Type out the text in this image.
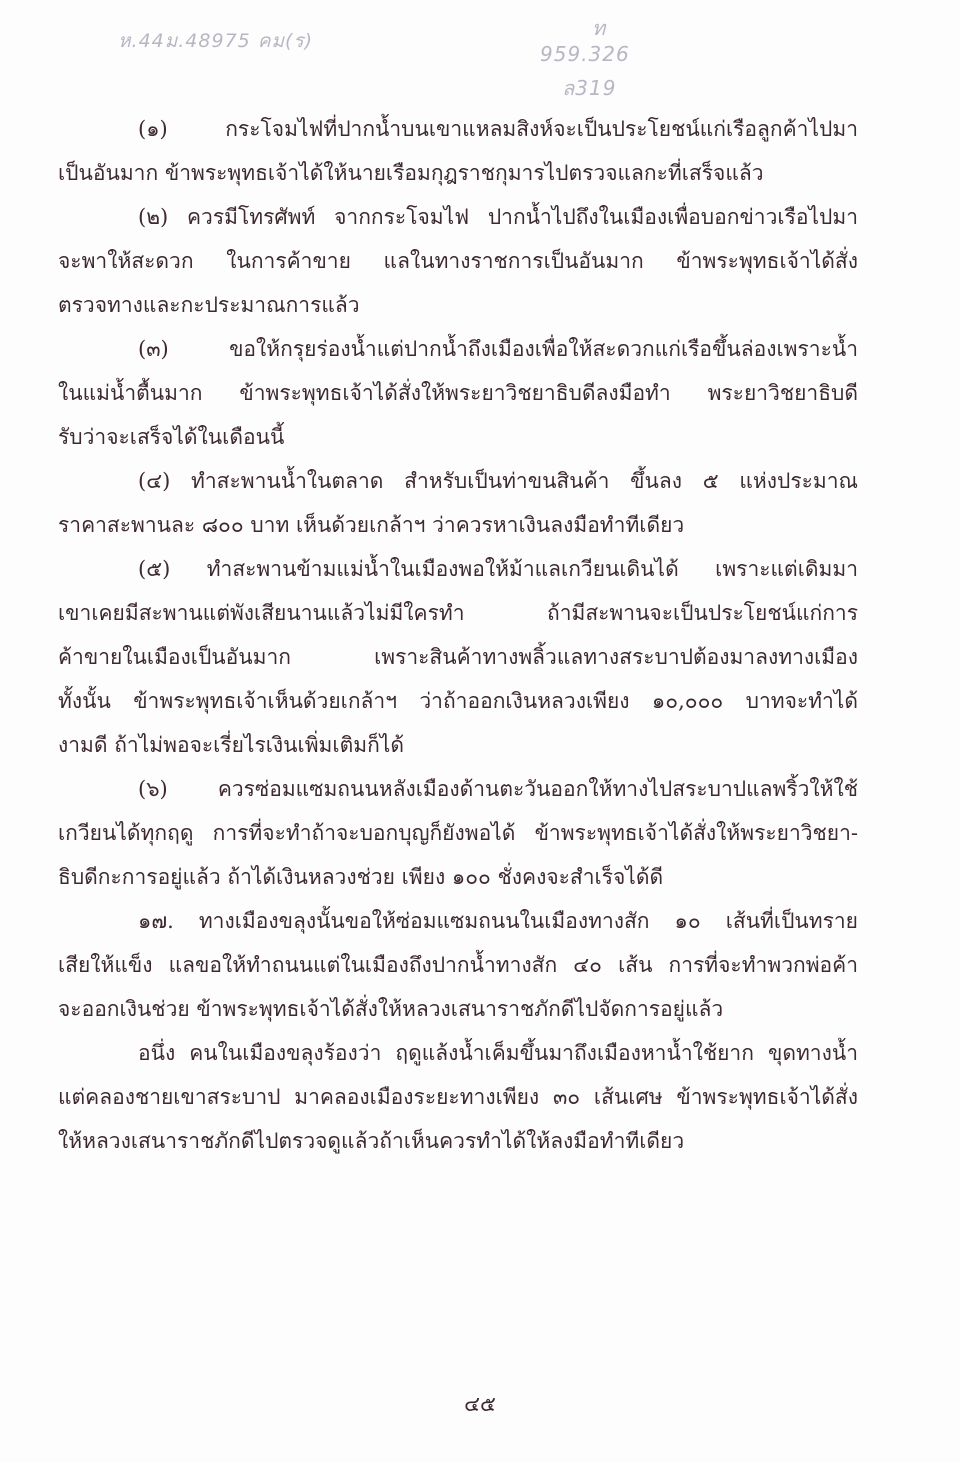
ห.44ม.48975 คม(ร)
ท
959.326
ล319
(๑) กระโจมไฟที่ปากน้ำบนเขาแหลมสิงห์จะเป็นประโยชน์แก่เรือลูกค้าไปมา
เป็นอันมาก ข้าพระพุทธเจ้าได้ให้นายเรือมกุฎราชกุมารไปตรวจแลกะที่เสร็จแล้ว
(๒) ควรมีโทรศัพท์ จากกระโจมไฟ ปากน้ำไปถึงในเมืองเพื่อบอกข่าวเรือไปมา
จะพาให้สะดวก ในการค้าขาย แลในทางราชการเป็นอันมาก ข้าพระพุทธเจ้าได้สั่ง
ตรวจทางและกะประมาณการแล้ว
(๓) ขอให้กรุยร่องน้ำแต่ปากน้ำถึงเมืองเพื่อให้สะดวกแก่เรือขึ้นล่องเพราะน้ำ
ในแม่น้ำตื้นมาก ข้าพระพุทธเจ้าได้สั่งให้พระยาวิชยาธิบดีลงมือทำ พระยาวิชยาธิบดี
รับว่าจะเสร็จได้ในเดือนนี้
(๔) ทำสะพานน้ำในตลาด สำหรับเป็นท่าขนสินค้า ขึ้นลง ๕ แห่งประมาณ
ราคาสะพานละ ๘๐๐ บาท เห็นด้วยเกล้าฯ ว่าควรหาเงินลงมือทำทีเดียว
(๕) ทำสะพานข้ามแม่น้ำในเมืองพอให้ม้าแลเกวียนเดินได้ เพราะแต่เดิมมา
เขาเคยมีสะพานแต่พังเสียนานแล้วไม่มีใครทำ ถ้ามีสะพานจะเป็นประโยชน์แก่การ
ค้าขายในเมืองเป็นอันมาก เพราะสินค้าทางพลิ้วแลทางสระบาปต้องมาลงทางเมือง
ทั้งนั้น ข้าพระพุทธเจ้าเห็นด้วยเกล้าฯ ว่าถ้าออกเงินหลวงเพียง ๑๐,๐๐๐ บาทจะทำได้
งามดี ถ้าไม่พอจะเรี่ยไรเงินเพิ่มเติมก็ได้
(๖) ควรซ่อมแซมถนนหลังเมืองด้านตะวันออกให้ทางไปสระบาปแลพริ้วให้ใช้
เกวียนได้ทุกฤดู การที่จะทำถ้าจะบอกบุญก็ยังพอได้ ข้าพระพุทธเจ้าได้สั่งให้พระยาวิชยา-
ธิบดีกะการอยู่แล้ว ถ้าได้เงินหลวงช่วย เพียง ๑๐๐ ชั่งคงจะสำเร็จได้ดี
๑๗. ทางเมืองขลุงนั้นขอให้ซ่อมแซมถนนในเมืองทางสัก ๑๐ เส้นที่เป็นทราย
เสียให้แข็ง แลขอให้ทำถนนแต่ในเมืองถึงปากน้ำทางสัก ๔๐ เส้น การที่จะทำพวกพ่อค้า
จะออกเงินช่วย ข้าพระพุทธเจ้าได้สั่งให้หลวงเสนาราชภักดีไปจัดการอยู่แล้ว
อนึ่ง คนในเมืองขลุงร้องว่า ฤดูแล้งน้ำเค็มขึ้นมาถึงเมืองหาน้ำใช้ยาก ขุดทางน้ำ
แต่คลองชายเขาสระบาป มาคลองเมืองระยะทางเพียง ๓๐ เส้นเศษ ข้าพระพุทธเจ้าได้สั่ง
ให้หลวงเสนาราชภักดีไปตรวจดูแล้วถ้าเห็นควรทำได้ให้ลงมือทำทีเดียว
๔๕
